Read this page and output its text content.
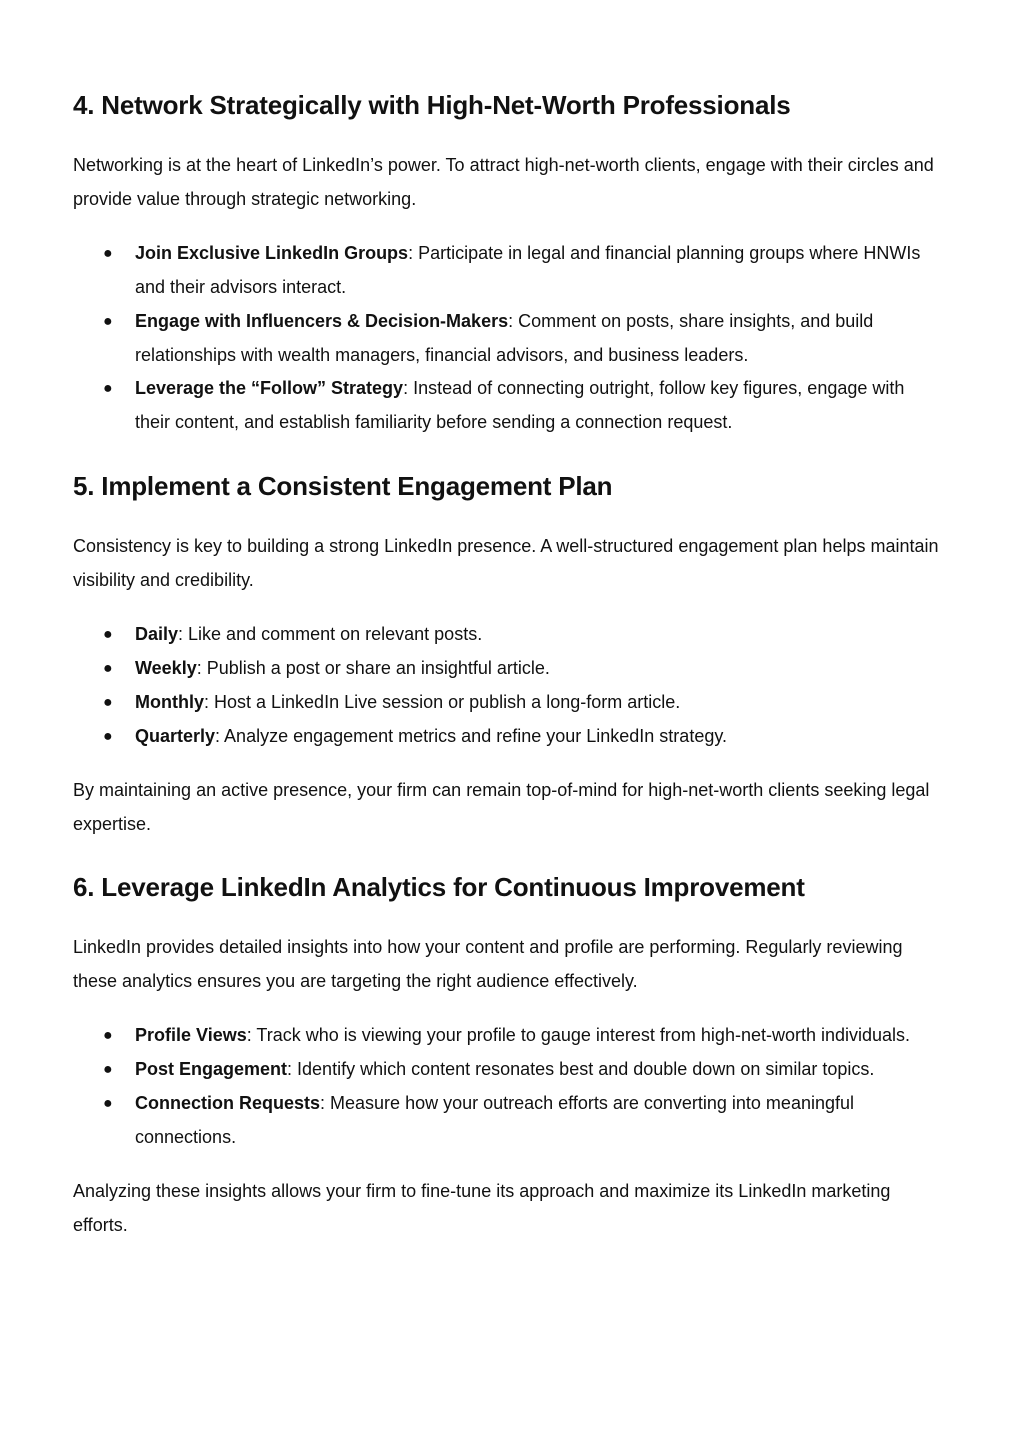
4. Network Strategically with High-Net-Worth Professionals

Networking is at the heart of LinkedIn’s power. To attract high-net-worth clients, engage with their circles and provide value through strategic networking.

● Join Exclusive LinkedIn Groups: Participate in legal and financial planning groups where HNWIs and their advisors interact.
● Engage with Influencers & Decision-Makers: Comment on posts, share insights, and build relationships with wealth managers, financial advisors, and business leaders.
● Leverage the “Follow” Strategy: Instead of connecting outright, follow key figures, engage with their content, and establish familiarity before sending a connection request.
5. Implement a Consistent Engagement Plan

Consistency is key to building a strong LinkedIn presence. A well-structured engagement plan helps maintain visibility and credibility.

● Daily: Like and comment on relevant posts.
● Weekly: Publish a post or share an insightful article.
● Monthly: Host a LinkedIn Live session or publish a long-form article.
● Quarterly: Analyze engagement metrics and refine your LinkedIn strategy.

By maintaining an active presence, your firm can remain top-of-mind for high-net-worth clients seeking legal expertise.

6. Leverage LinkedIn Analytics for Continuous Improvement

LinkedIn provides detailed insights into how your content and profile are performing. Regularly reviewing these analytics ensures you are targeting the right audience effectively.

● Profile Views: Track who is viewing your profile to gauge interest from high-net-worth individuals.
● Post Engagement: Identify which content resonates best and double down on similar topics.
● Connection Requests: Measure how your outreach efforts are converting into meaningful connections.

Analyzing these insights allows your firm to fine-tune its approach and maximize its LinkedIn marketing efforts.
